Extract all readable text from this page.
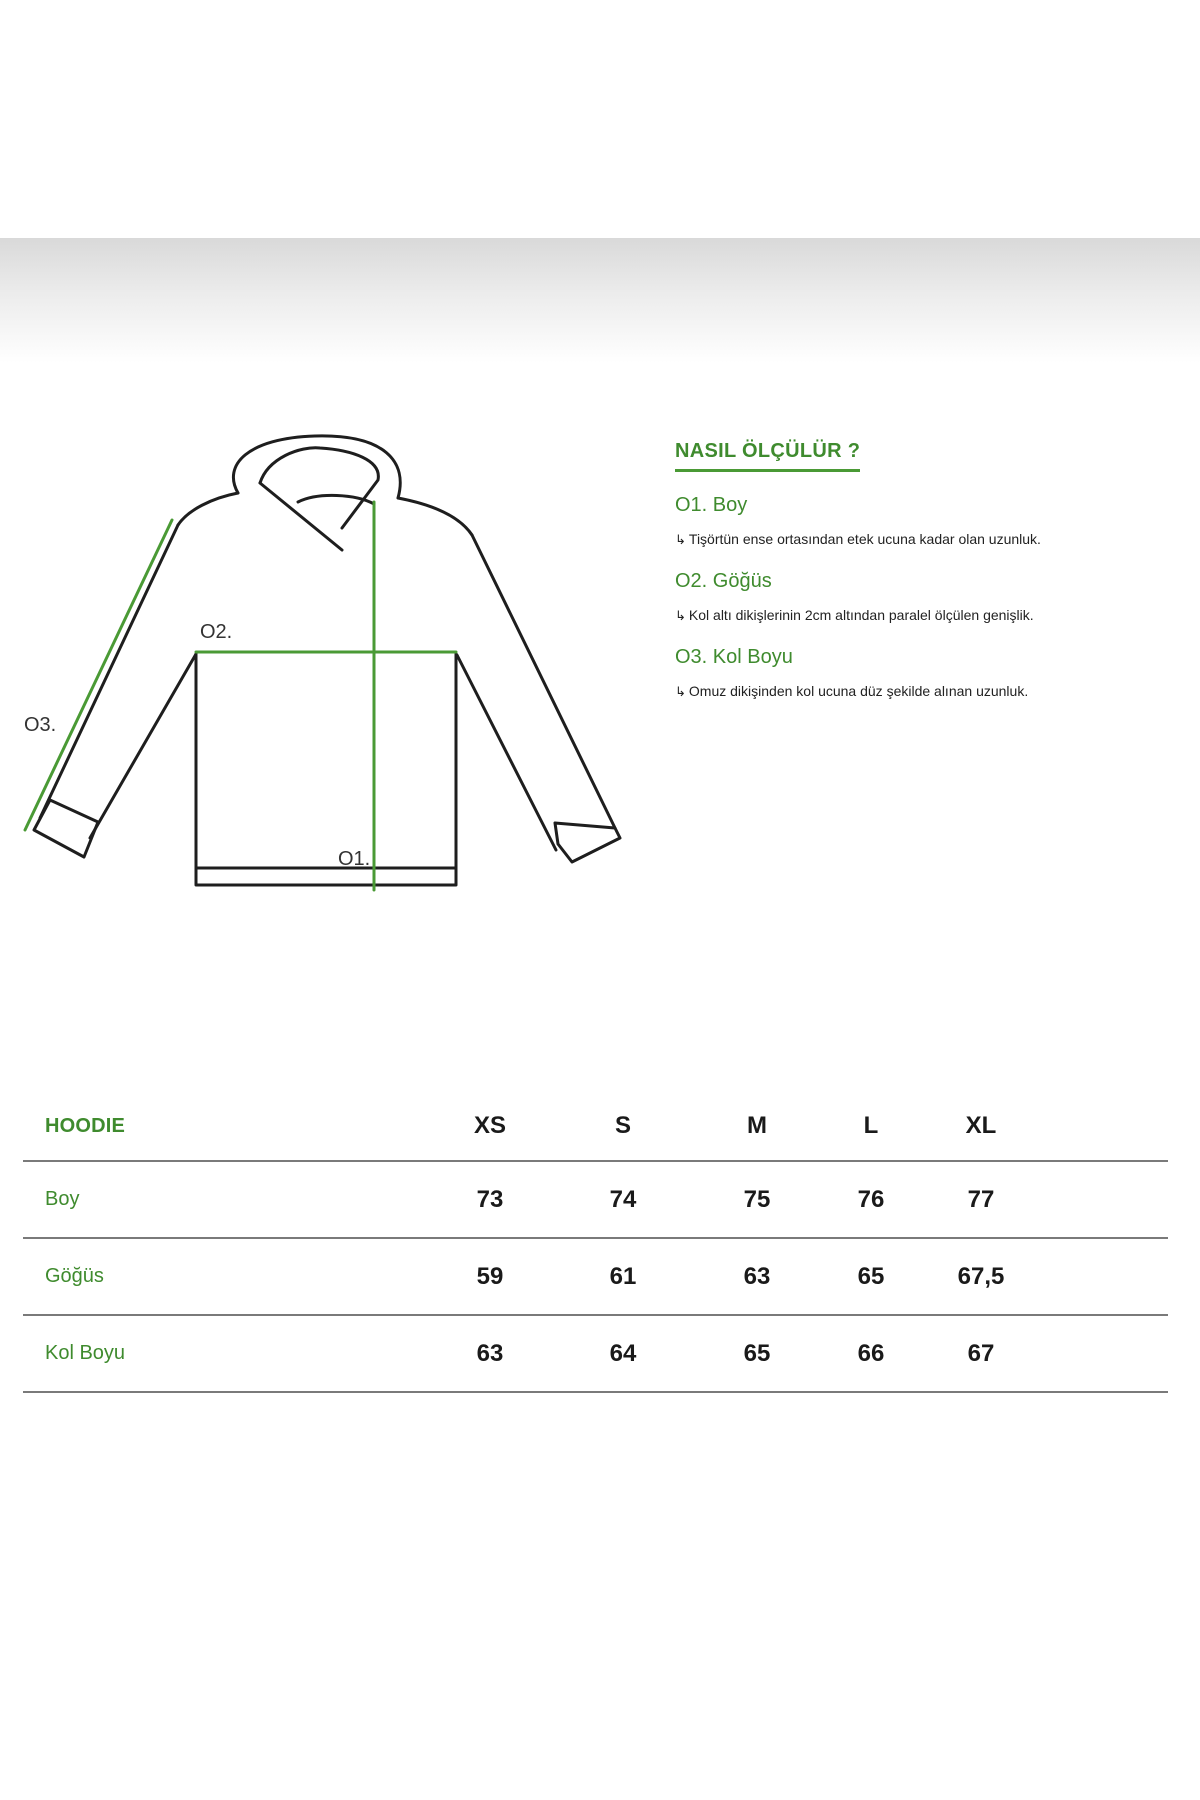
O2.
O3.
O1.
NASIL ÖLÇÜLÜR ?
O1. Boy
↳ Tişörtün ense ortasından etek ucuna kadar olan uzunluk.
O2. Göğüs
↳ Kol altı dikişlerinin 2cm altından paralel ölçülen genişlik.
O3. Kol Boyu
↳ Omuz dikişinden kol ucuna düz şekilde alınan uzunluk.
HOODIE	XS	S	M	L	XL
Boy	73	74	75	76	77
Göğüs	59	61	63	65	67,5
Kol Boyu	63	64	65	66	67
